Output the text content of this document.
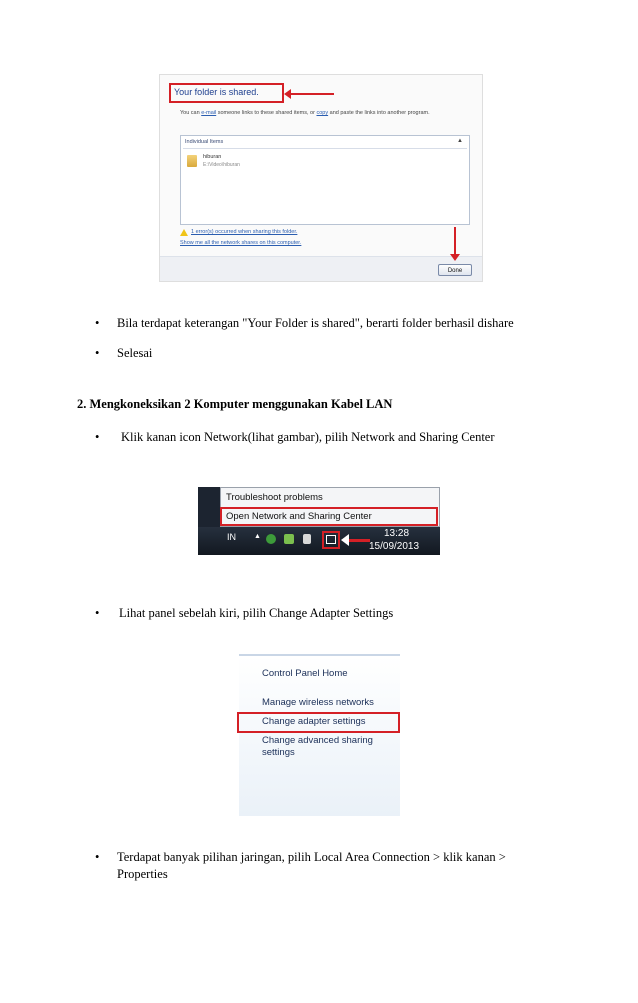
Your folder is shared.
You can e-mail someone links to these shared items, or copy and paste the links into another program.
Individual Items	▲
hiburan
E:\Video\hiburan
1 error(s) occurred when sharing this folder.
Show me all the network shares on this computer.
Done
• Bila terdapat keterangan "Your Folder is shared", berarti folder berhasil dishare
• Selesai
2. Mengkoneksikan 2 Komputer menggunakan Kabel LAN
• Klik kanan icon Network(lihat gambar), pilih Network and Sharing Center
Troubleshoot problems
Open Network and Sharing Center
IN	▲	13:28
15/09/2013
• Lihat panel sebelah kiri, pilih Change Adapter Settings
Control Panel Home
Manage wireless networks
Change adapter settings
Change advanced sharing
settings
• Terdapat banyak pilihan jaringan, pilih Local Area Connection > klik kanan >
Properties
